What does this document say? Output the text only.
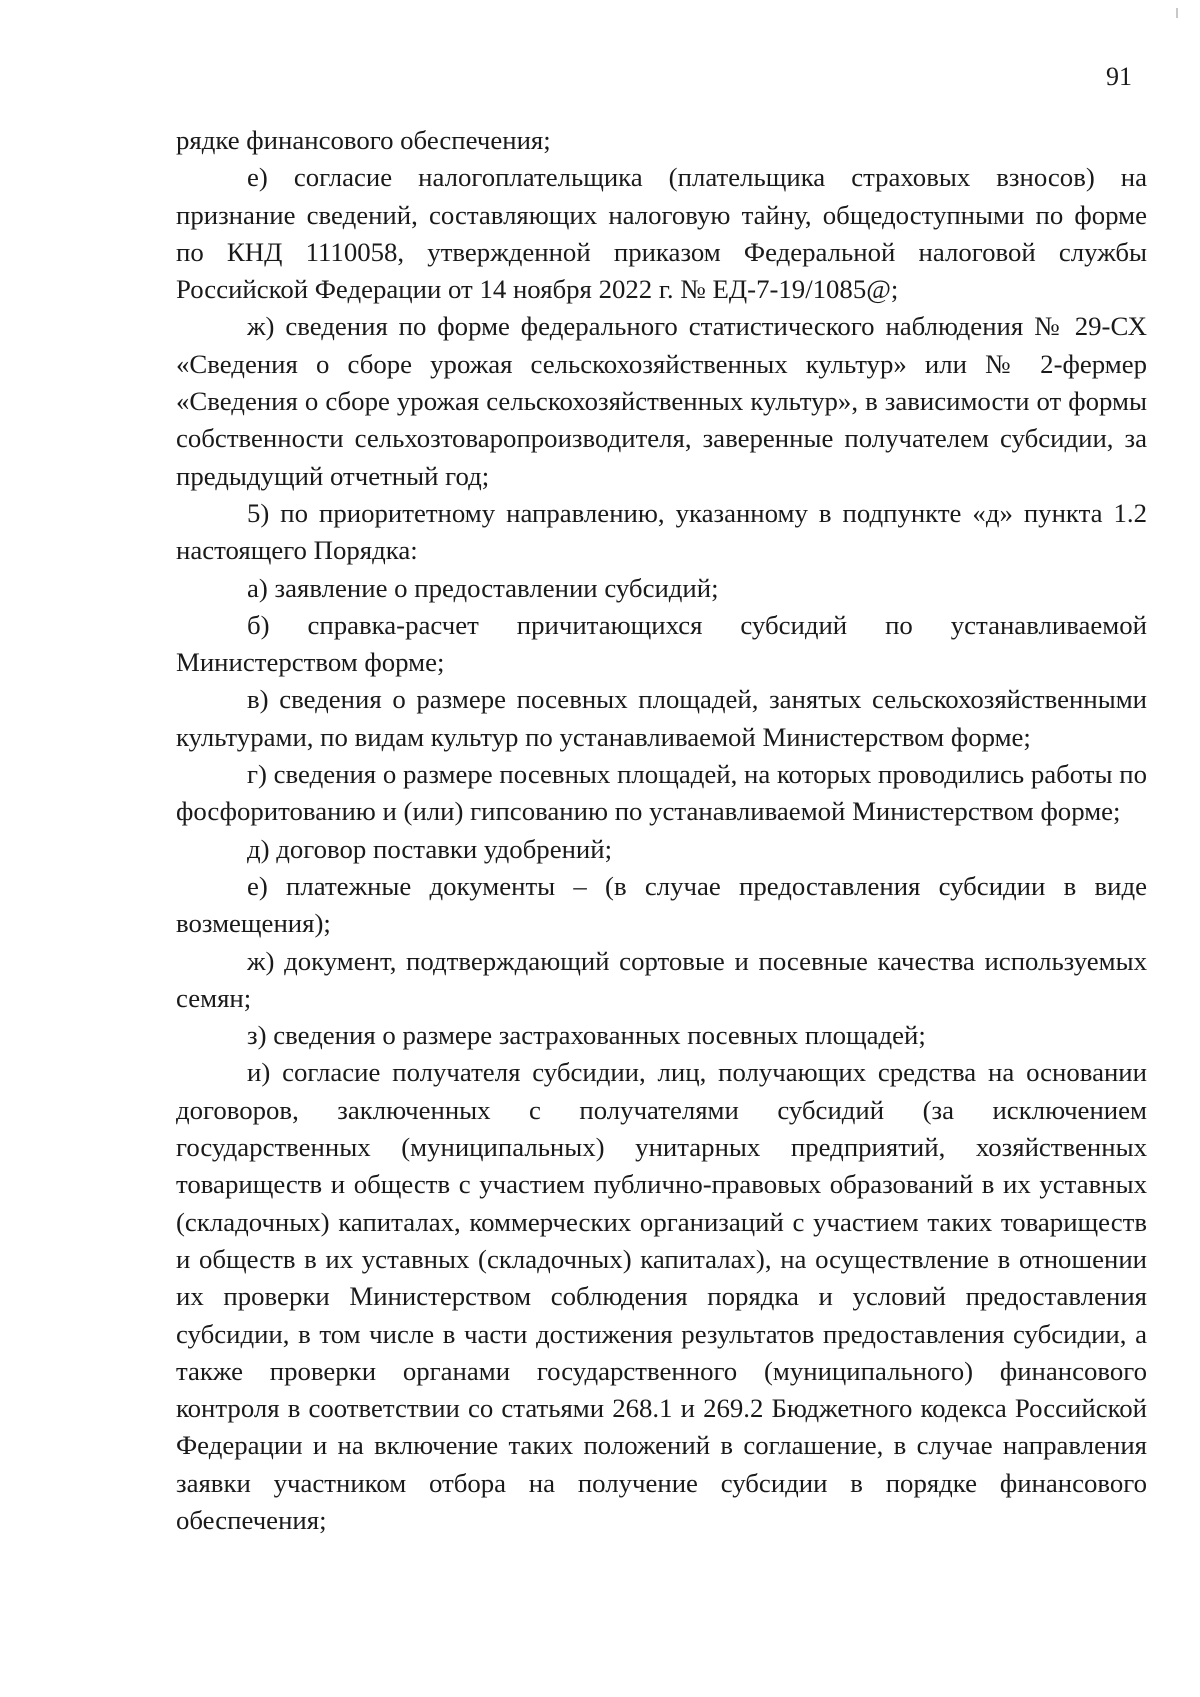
91

рядке финансового обеспечения;

е) согласие налогоплательщика (плательщика страховых взносов) на признание сведений, составляющих налоговую тайну, общедоступными по форме по КНД 1110058, утвержденной приказом Федеральной налоговой службы Российской Федерации от 14 ноября 2022 г. № ЕД-7-19/1085@;

ж) сведения по форме федерального статистического наблюдения № 29-СХ «Сведения о сборе урожая сельскохозяйственных культур» или № 2-фермер «Сведения о сборе урожая сельскохозяйственных культур», в зависимости от формы собственности сельхозтоваропроизводителя, заверенные получателем субсидии, за предыдущий отчетный год;

5) по приоритетному направлению, указанному в подпункте «д» пункта 1.2 настоящего Порядка:

а) заявление о предоставлении субсидий;

б) справка-расчет причитающихся субсидий по устанавливаемой Министерством форме;

в) сведения о размере посевных площадей, занятых сельскохозяйственными культурами, по видам культур по устанавливаемой Министерством форме;

г) сведения о размере посевных площадей, на которых проводились работы по фосфоритованию и (или) гипсованию по устанавливаемой Министерством форме;

д) договор поставки удобрений;

е) платежные документы – (в случае предоставления субсидии в виде возмещения);

ж) документ, подтверждающий сортовые и посевные качества используемых семян;

з) сведения о размере застрахованных посевных площадей;

и) согласие получателя субсидии, лиц, получающих средства на основании договоров, заключенных с получателями субсидий (за исключением государственных (муниципальных) унитарных предприятий, хозяйственных товариществ и обществ с участием публично-правовых образований в их уставных (складочных) капиталах, коммерческих организаций с участием таких товариществ и обществ в их уставных (складочных) капиталах), на осуществление в отношении их проверки Министерством соблюдения порядка и условий предоставления субсидии, в том числе в части достижения результатов предоставления субсидии, а также проверки органами государственного (муниципального) финансового контроля в соответствии со статьями 268.1 и 269.2 Бюджетного кодекса Российской Федерации и на включение таких положений в соглашение, в случае направления заявки участником отбора на получение субсидии в порядке финансового обеспечения;
